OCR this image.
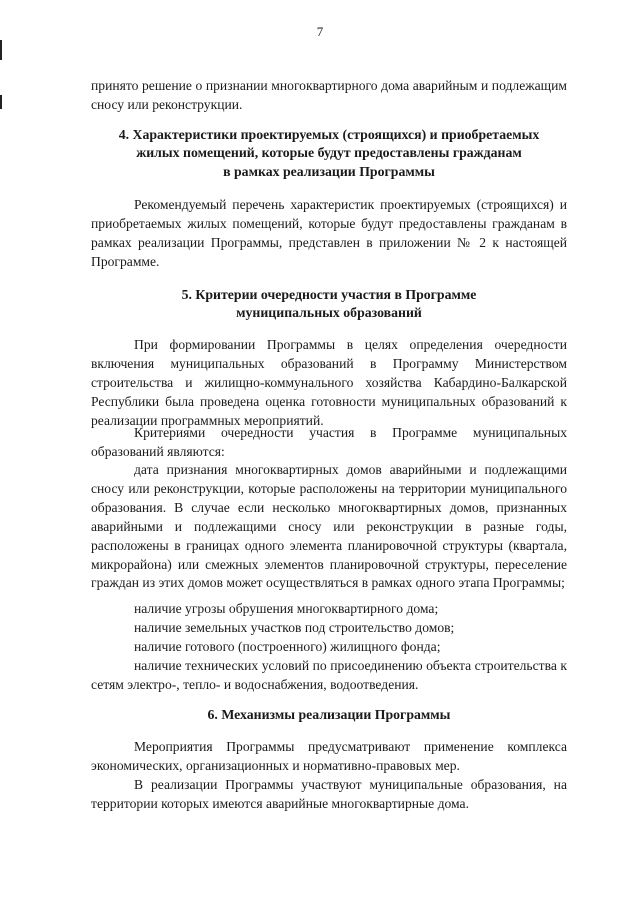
7

принято решение о признании многоквартирного дома аварийным и подлежащим сносу или реконструкции.

4. Характеристики проектируемых (строящихся) и приобретаемых
жилых помещений, которые будут предоставлены гражданам
в рамках реализации Программы

Рекомендуемый перечень характеристик проектируемых (строящихся) и приобретаемых жилых помещений, которые будут предоставлены гражданам в рамках реализации Программы, представлен в приложении № 2 к настоящей Программе.

5. Критерии очередности участия в Программе
муниципальных образований

При формировании Программы в целях определения очередности включения муниципальных образований в Программу Министерством строительства и жилищно-коммунального хозяйства Кабардино-Балкарской Республики была проведена оценка готовности муниципальных образований к реализации программных мероприятий.

Критериями очередности участия в Программе муниципальных образований являются:

дата признания многоквартирных домов аварийными и подлежащими сносу или реконструкции, которые расположены на территории муниципального образования. В случае если несколько многоквартирных домов, признанных аварийными и подлежащими сносу или реконструкции в разные годы, расположены в границах одного элемента планировочной структуры (квартала, микрорайона) или смежных элементов планировочной структуры, переселение граждан из этих домов может осуществляться в рамках одного этапа Программы;

наличие угрозы обрушения многоквартирного дома;

наличие земельных участков под строительство домов;

наличие готового (построенного) жилищного фонда;

наличие технических условий по присоединению объекта строительства к сетям электро-, тепло- и водоснабжения, водоотведения.

6. Механизмы реализации Программы

Мероприятия Программы предусматривают применение комплекса экономических, организационных и нормативно-правовых мер.

В реализации Программы участвуют муниципальные образования, на территории которых имеются аварийные многоквартирные дома.
